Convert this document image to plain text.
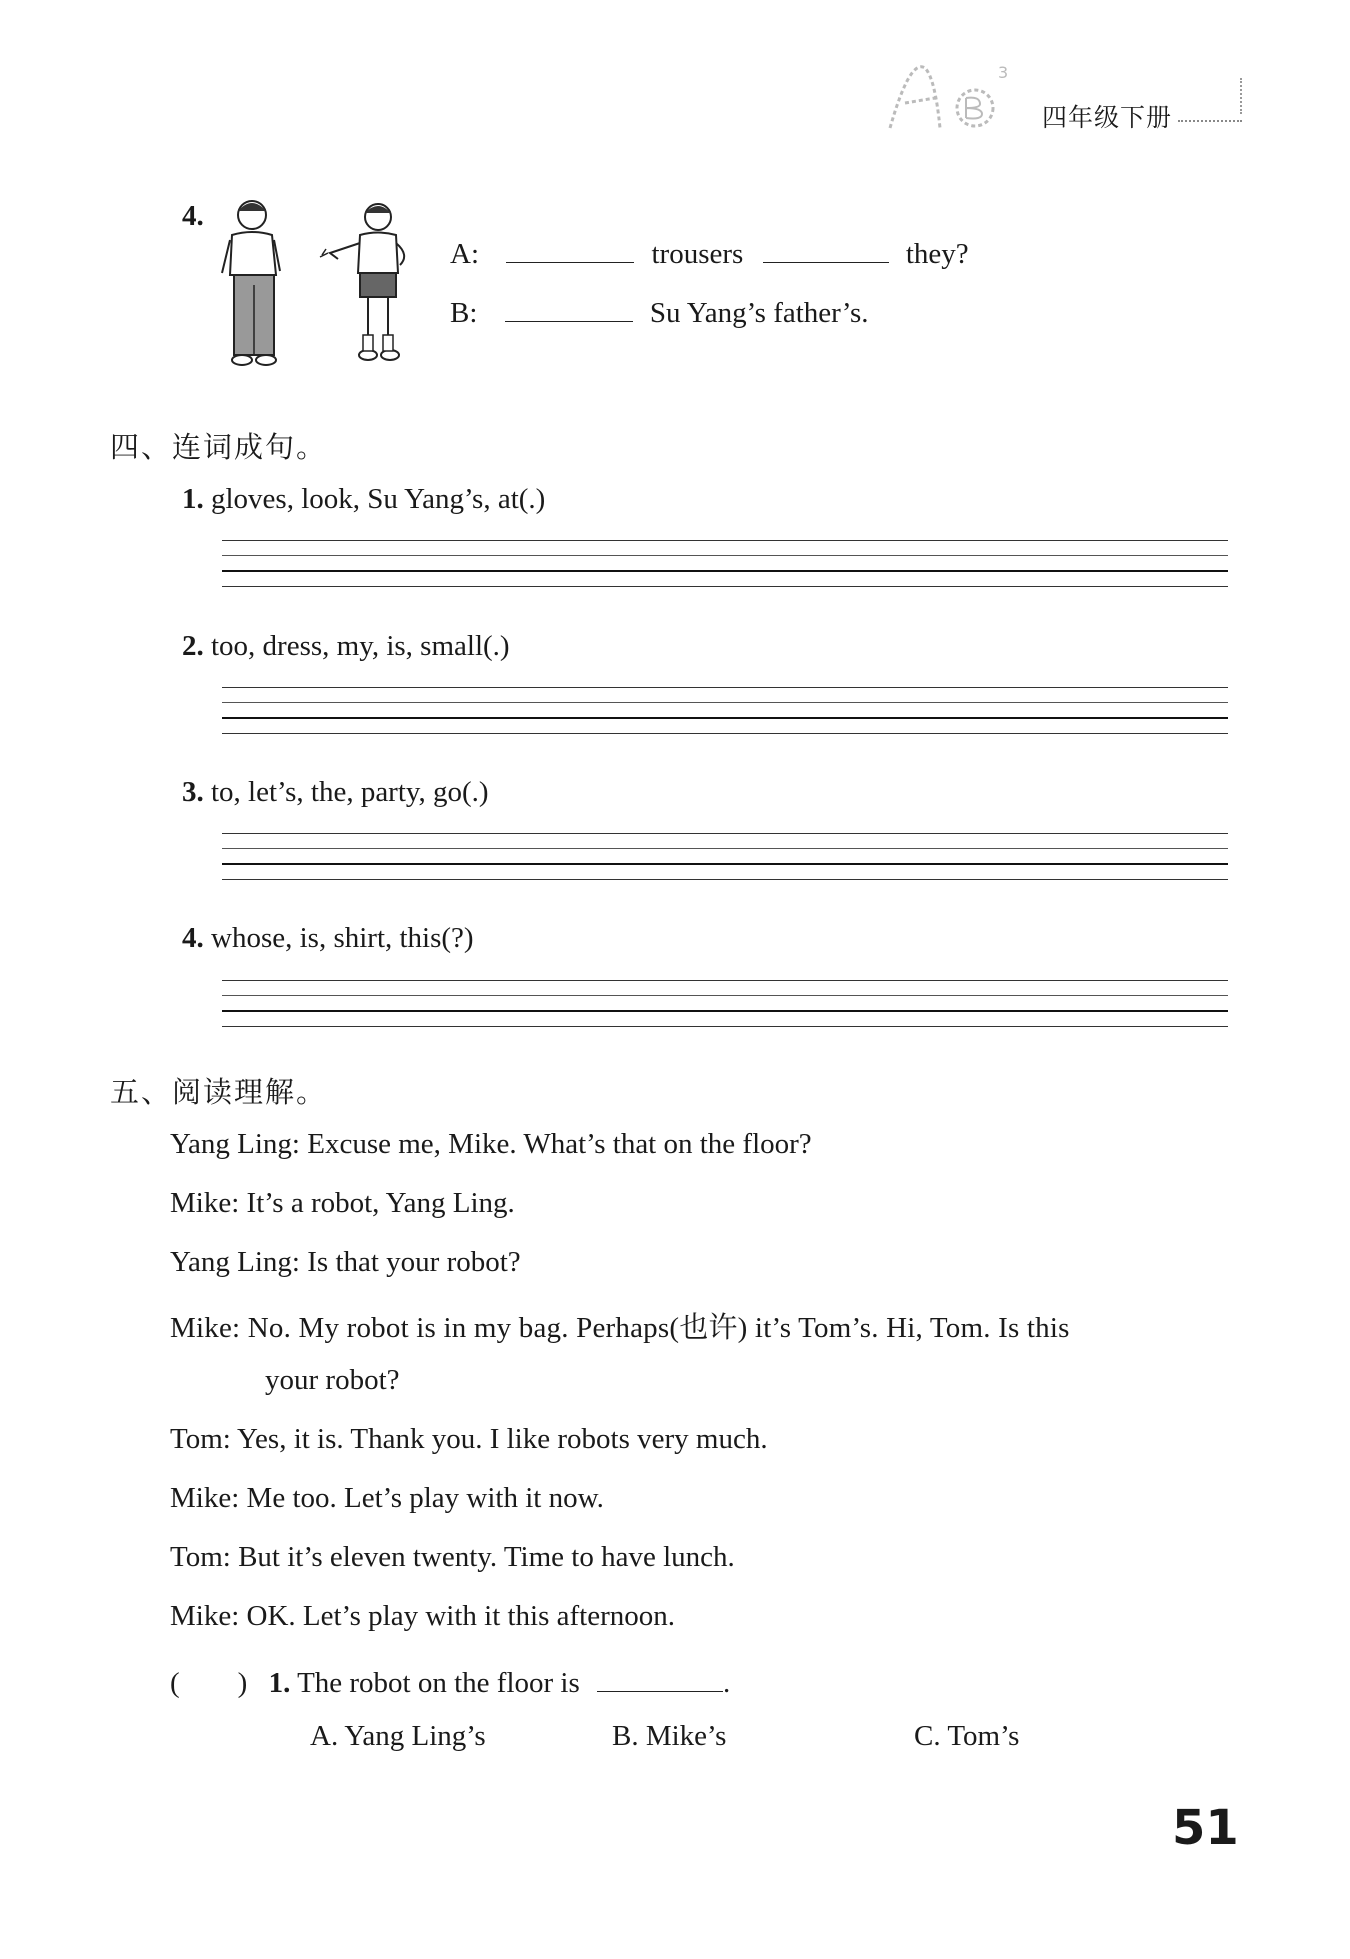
3
四年级下册
4.
A:	trousers	they?
B:	Su Yang’s father’s.
四、连词成句。
1. gloves, look, Su Yang’s, at(.)
2. too, dress, my, is, small(.)
3. to, let’s, the, party, go(.)
4. whose, is, shirt, this(?)
五、阅读理解。
Yang Ling: Excuse me, Mike. What’s that on the floor?
Mike: It’s a robot, Yang Ling.
Yang Ling: Is that your robot?
Mike: No. My robot is in my bag. Perhaps(也许) it’s Tom’s. Hi, Tom. Is this
your robot?
Tom: Yes, it is. Thank you. I like robots very much.
Mike: Me too. Let’s play with it now.
Tom: But it’s eleven twenty. Time to have lunch.
Mike: OK. Let’s play with it this afternoon.
(　　) 1. The robot on the floor is	.
A. Yang Ling’s	B. Mike’s	C. Tom’s
51
